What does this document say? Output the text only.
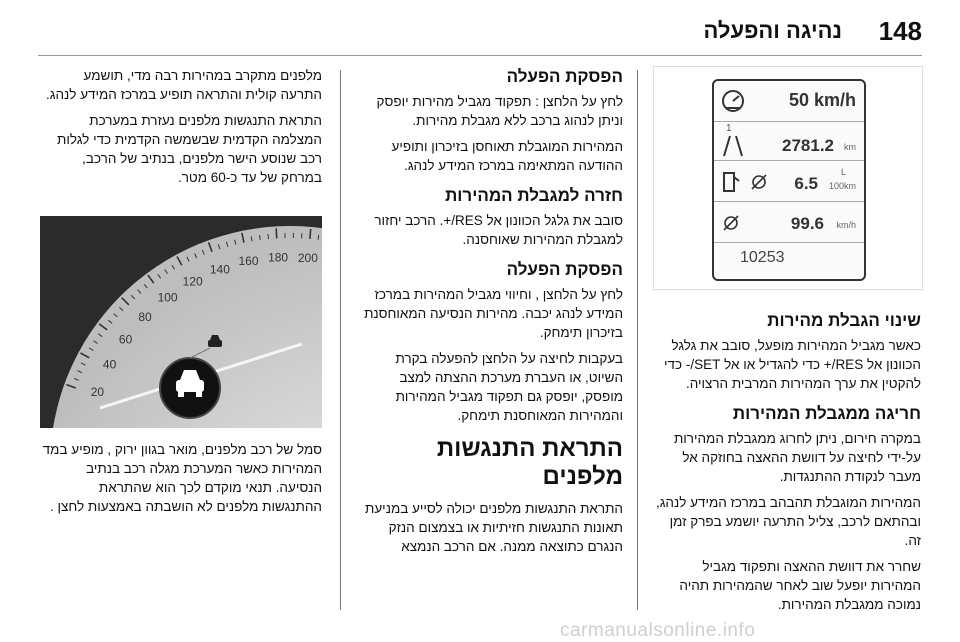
148
נהיגה והפעלה
50 km/h
1
2781.2 km
6.5
L
100km
99.6 km/h
10253
שינוי הגבלת מהירות

כאשר מגביל המהירות מופעל, סובב את גלגל הכוונון אל RES/+ כדי להגדיל או אל SET/- כדי להקטין את ערך המהירות המרבית הרצויה.

חריגה ממגבלת המהירות

במקרה חירום, ניתן לחרוג ממגבלת המהירות על-ידי לחיצה על דוושת ההאצה בחוזקה אל מעבר לנקודת ההתנגדות.

המהירות המוגבלת תהבהב במרכז המידע לנהג, ובהתאם לרכב, צליל התרעה יושמע בפרק זמן זה.

שחרר את דוושת ההאצה ותפקוד מגביל המהירות יופעל שוב לאחר שהמהירות תהיה נמוכה ממגבלת המהירות.

הפסקת הפעלה

לחץ על הלחצן : תפקוד מגביל מהירות יופסק וניתן לנהוג ברכב ללא מגבלת מהירות.

המהירות המוגבלת תאוחסן בזיכרון ותופיע ההודעה המתאימה במרכז המידע לנהג.

חזרה למגבלת המהירות

סובב את גלגל הכוונון אל RES/+. הרכב יחזור למגבלת המהירות שאוחסנה.

הפסקת הפעלה

לחץ על הלחצן , וחיווי מגביל המהירות במרכז המידע לנהג יכבה. מהירות הנסיעה המאוחסנת בזיכרון תימחק.

בעקבות לחיצה על הלחצן להפעלה בקרת השיוט, או העברת מערכת ההצתה למצב מופסק, יופסק גם תפקוד מגביל המהירות והמהירות המאוחסנת תימחק.

התראת התנגשות מלפנים

התראת התנגשות מלפנים יכולה לסייע במניעת תאונות התנגשות חזיתיות או בצמצום הנזק הנגרם כתוצאה ממנה. אם הרכב הנמצא

מלפנים מתקרב במהירות רבה מדי, תושמע התרעה קולית והתראה תופיע במרכז המידע לנהג.

התראת התנגשות מלפנים נעזרת במערכת המצלמה הקדמית שבשמשה הקדמית כדי לגלות רכב שנוסע הישר מלפנים, בנתיב של הרכב, במרחק של עד כ-60 מטר.

20
40
60
80
100
120
140
160 180 200

סמל של רכב מלפנים, מואר בגוון ירוק , מופיע במד המהירות כאשר המערכת מגלה רכב בנתיב הנסיעה. תנאי מוקדם לכך הוא שהתראת ההתנגשות מלפנים לא הושבתה באמצעות לחצן .

carmanualsonline.info
